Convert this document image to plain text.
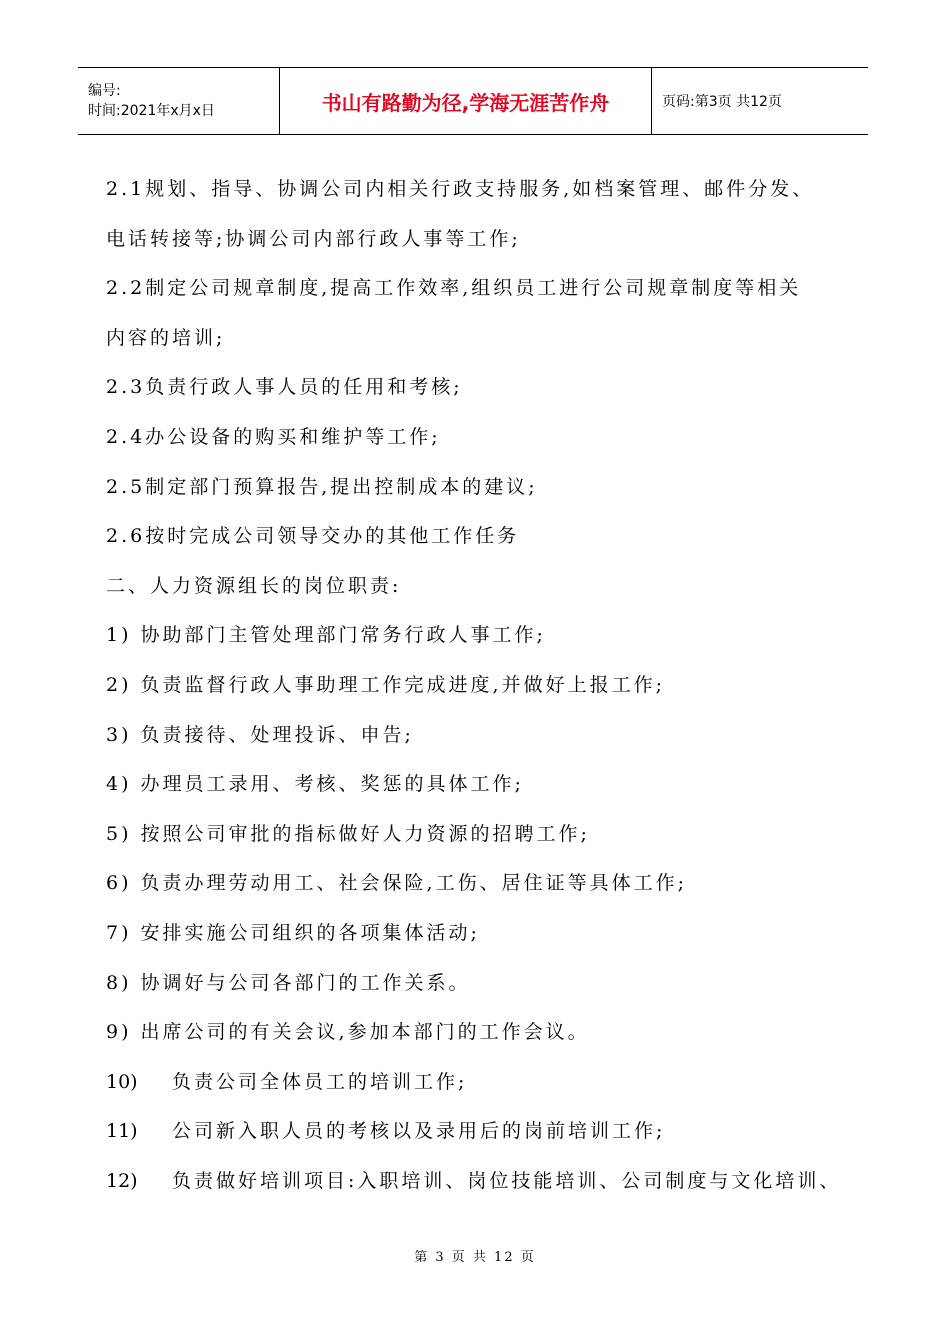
编号:
时间:2021年x月x日	书山有路勤为径,学海无涯苦作舟	页码:第3页 共12页
2.1规划、指导、协调公司内相关行政支持服务,如档案管理、邮件分发、
电话转接等;协调公司内部行政人事等工作;
2.2制定公司规章制度,提高工作效率,组织员工进行公司规章制度等相关
内容的培训;
2.3负责行政人事人员的任用和考核;
2.4办公设备的购买和维护等工作;
2.5制定部门预算报告,提出控制成本的建议;
2.6按时完成公司领导交办的其他工作任务
二、人力资源组长的岗位职责:
1) 协助部门主管处理部门常务行政人事工作;
2) 负责监督行政人事助理工作完成进度,并做好上报工作;
3) 负责接待、处理投诉、申告;
4) 办理员工录用、考核、奖惩的具体工作;
5) 按照公司审批的指标做好人力资源的招聘工作;
6) 负责办理劳动用工、社会保险,工伤、居住证等具体工作;
7) 安排实施公司组织的各项集体活动;
8) 协调好与公司各部门的工作关系。
9) 出席公司的有关会议,参加本部门的工作会议。
10) 负责公司全体员工的培训工作;
11) 公司新入职人员的考核以及录用后的岗前培训工作;
12) 负责做好培训项目:入职培训、岗位技能培训、公司制度与文化培训、
第 3 页 共 12 页
